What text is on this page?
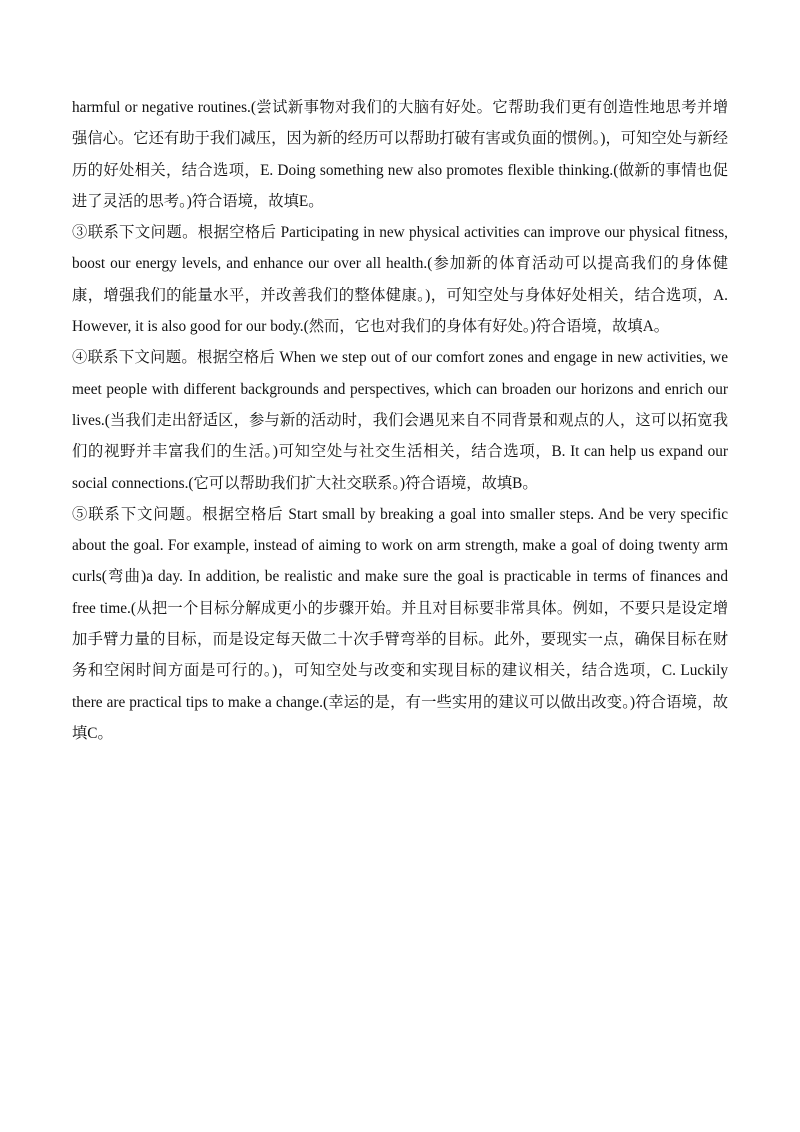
harmful or negative routines.(尝试新事物对我们的大脑有好处。它帮助我们更有创造性地思考并增强信心。它还有助于我们减压，因为新的经历可以帮助打破有害或负面的惯例。)，可知空处与新经历的好处相关，结合选项，E. Doing something new also promotes flexible thinking.(做新的事情也促进了灵活的思考。)符合语境，故填E。

③联系下文问题。根据空格后 Participating in new physical activities can improve our physical fitness, boost our energy levels, and enhance our over all health.(参加新的体育活动可以提高我们的身体健康，增强我们的能量水平，并改善我们的整体健康。)，可知空处与身体好处相关，结合选项，A. However, it is also good for our body.(然而，它也对我们的身体有好处。)符合语境，故填A。

④联系下文问题。根据空格后 When we step out of our comfort zones and engage in new activities, we meet people with different backgrounds and perspectives, which can broaden our horizons and enrich our lives.(当我们走出舒适区，参与新的活动时，我们会遇见来自不同背景和观点的人，这可以拓宽我们的视野并丰富我们的生活。)可知空处与社交生活相关，结合选项，B. It can help us expand our social connections.(它可以帮助我们扩大社交联系。)符合语境，故填B。

⑤联系下文问题。根据空格后 Start small by breaking a goal into smaller steps. And be very specific about the goal. For example, instead of aiming to work on arm strength, make a goal of doing twenty arm curls(弯曲)a day. In addition, be realistic and make sure the goal is practicable in terms of finances and free time.(从把一个目标分解成更小的步骤开始。并且对目标要非常具体。例如，不要只是设定增加手臂力量的目标，而是设定每天做二十次手臂弯举的目标。此外，要现实一点，确保目标在财务和空闲时间方面是可行的。)，可知空处与改变和实现目标的建议相关，结合选项，C. Luckily there are practical tips to make a change.(幸运的是，有一些实用的建议可以做出改变。)符合语境，故填C。
